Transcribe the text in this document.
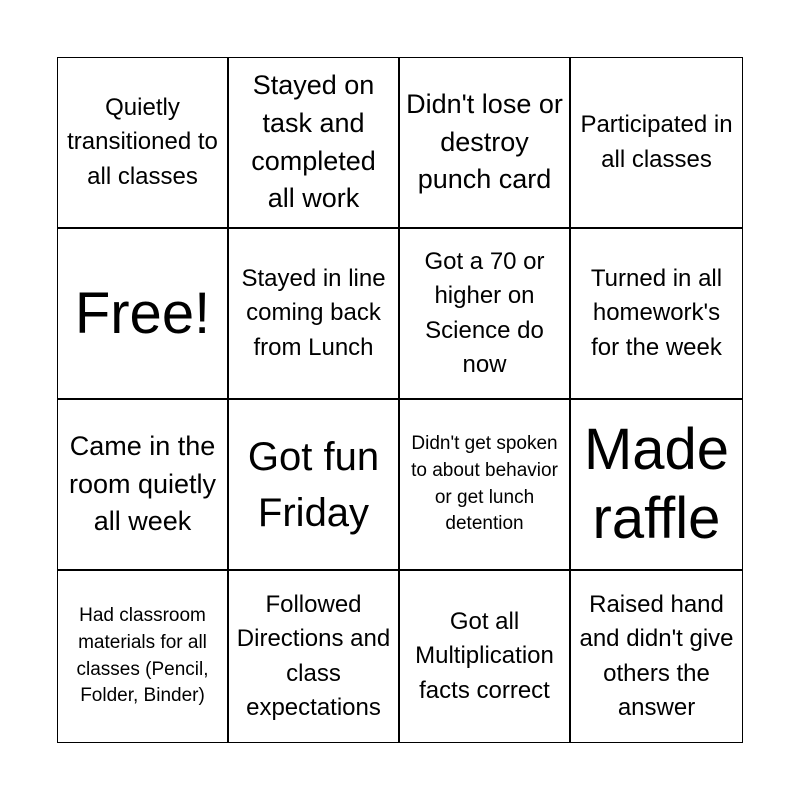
Quietly transitioned to all classes
Stayed on task and completed all work
Didn't lose or destroy punch card
Participated in all classes
Free!
Stayed in line coming back from Lunch
Got a 70 or higher on Science do now
Turned in all homework's for the week
Came in the room quietly all week
Got fun Friday
Didn't get spoken to about behavior or get lunch detention
Made raffle
Had classroom materials for all classes (Pencil, Folder, Binder)
Followed Directions and class expectations
Got all Multiplication facts correct
Raised hand and didn't give others the answer
